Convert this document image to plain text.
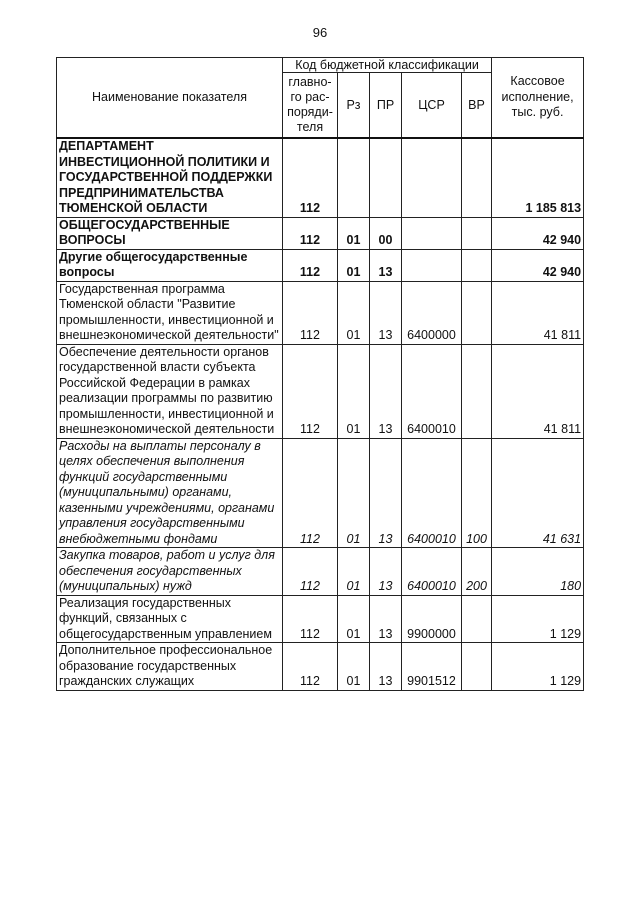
96
Наименование показателя	Код бюджетной классификации					Кассовое
исполнение,
тыс. руб.
	главно-
го рас-
поряди-
теля	Рз	ПР	ЦСР	ВР	
ДЕПАРТАМЕНТ ИНВЕСТИЦИОННОЙ ПОЛИТИКИ И ГОСУДАРСТВЕННОЙ ПОДДЕРЖКИ ПРЕДПРИНИМАТЕЛЬСТВА ТЮМЕНСКОЙ ОБЛАСТИ	112					1 185 813
ОБЩЕГОСУДАРСТВЕННЫЕ ВОПРОСЫ	112	01	00			42 940
Другие общегосударственные вопросы	112	01	13			42 940
Государственная программа Тюменской области "Развитие промышленности, инвестиционной и внешнеэкономической деятельности"	112	01	13	6400000		41 811
Обеспечение деятельности органов государственной власти субъекта Российской Федерации в рамках реализации программы по развитию промышленности, инвестиционной и внешнеэкономической деятельности	112	01	13	6400010		41 811
Расходы на выплаты персоналу в целях обеспечения выполнения функций государственными (муниципальными) органами, казенными учреждениями, органами управления государственными внебюджетными фондами	112	01	13	6400010	100	41 631
Закупка товаров, работ и услуг для обеспечения государственных (муниципальных) нужд	112	01	13	6400010	200	180
Реализация государственных функций, связанных с общегосударственным управлением	112	01	13	9900000		1 129
Дополнительное профессиональное образование государственных гражданских служащих	112	01	13	9901512		1 129
